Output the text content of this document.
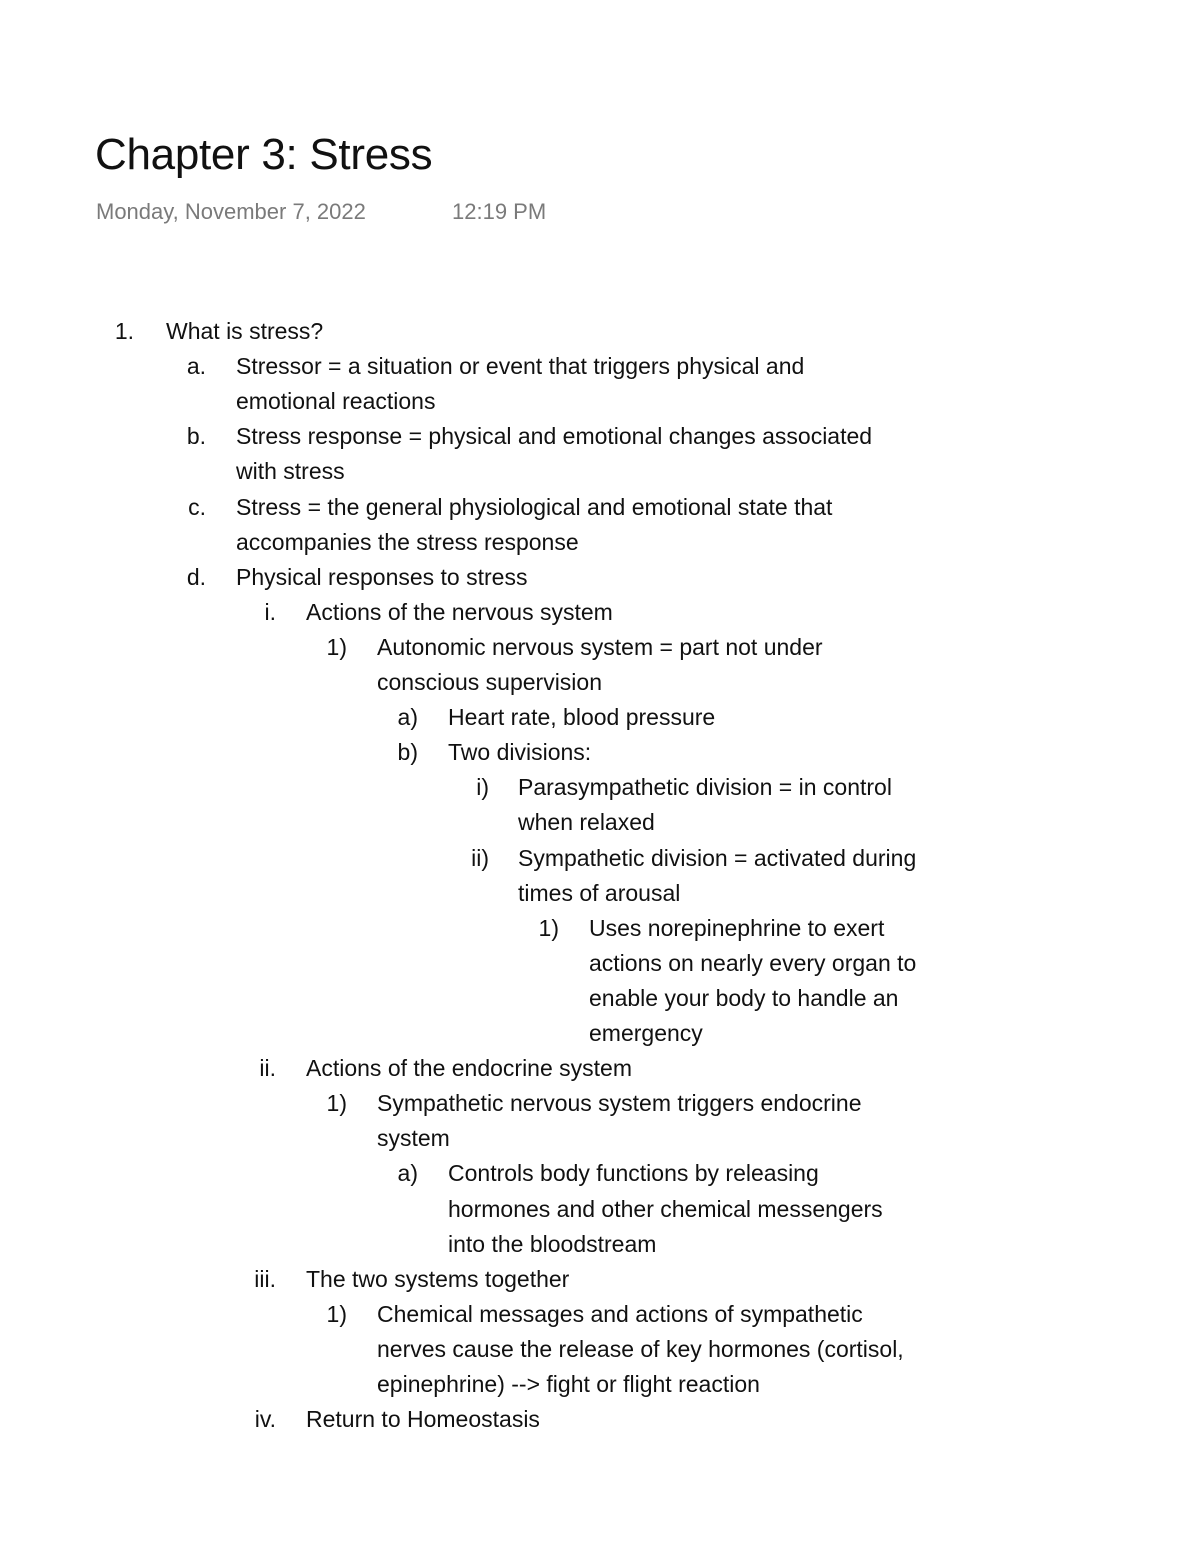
Chapter 3: Stress
Monday, November 7, 2022	12:19 PM
1. What is stress?
a. Stressor = a situation or event that triggers physical and
emotional reactions
b. Stress response = physical and emotional changes associated
with stress
c. Stress = the general physiological and emotional state that
accompanies the stress response
d. Physical responses to stress
i. Actions of the nervous system
1) Autonomic nervous system = part not under
conscious supervision
a) Heart rate, blood pressure
b) Two divisions:
i) Parasympathetic division = in control
when relaxed
ii) Sympathetic division = activated during
times of arousal
1) Uses norepinephrine to exert
actions on nearly every organ to
enable your body to handle an
emergency
ii. Actions of the endocrine system
1) Sympathetic nervous system triggers endocrine
system
a) Controls body functions by releasing
hormones and other chemical messengers
into the bloodstream
iii. The two systems together
1) Chemical messages and actions of sympathetic
nerves cause the release of key hormones (cortisol,
epinephrine) --> fight or flight reaction
iv. Return to Homeostasis
